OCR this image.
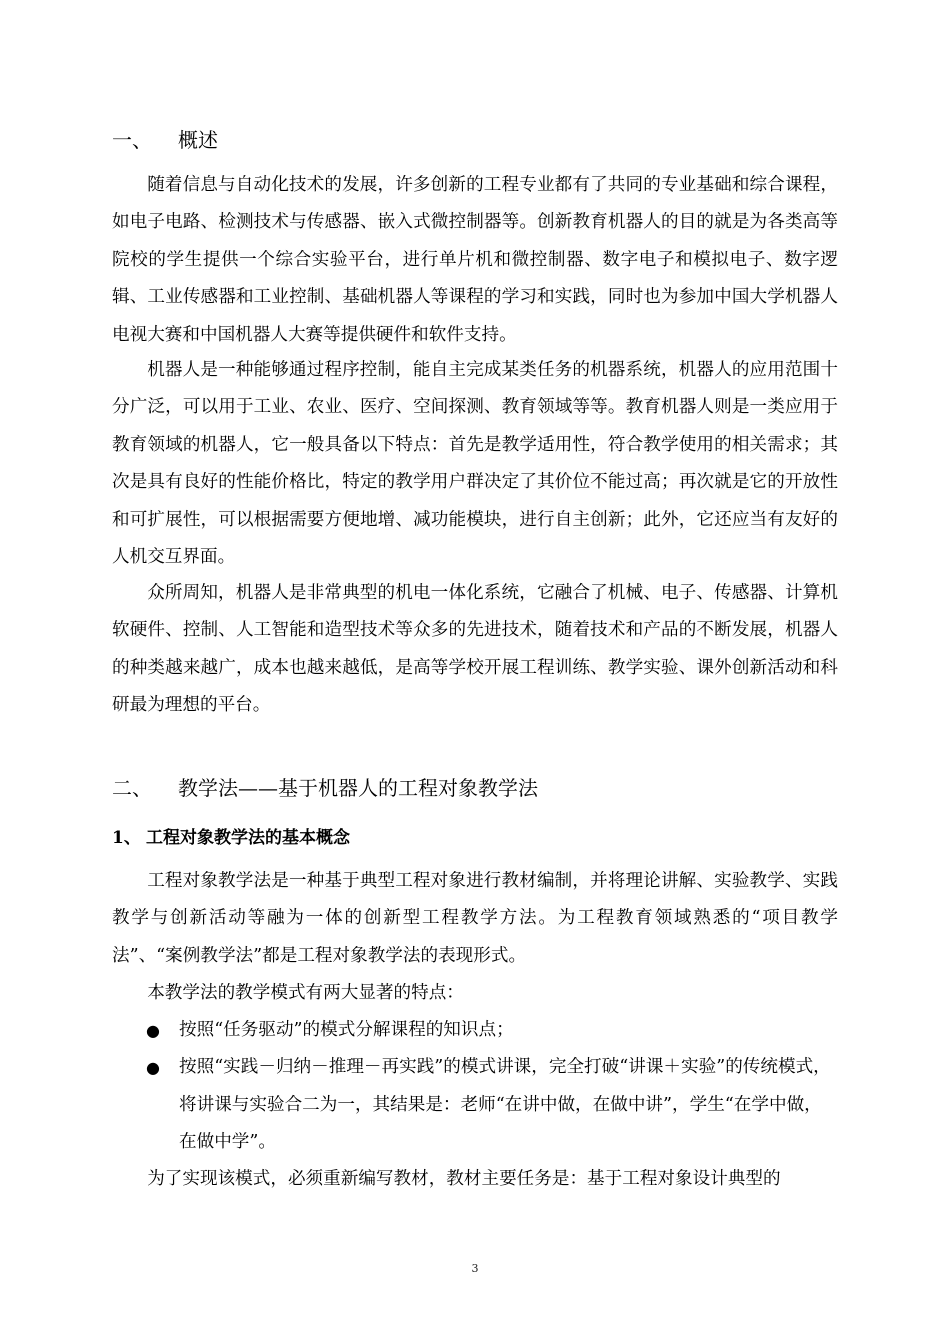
一、 概述

随着信息与自动化技术的发展，许多创新的工程专业都有了共同的专业基础和综合课程，如电子电路、检测技术与传感器、嵌入式微控制器等。创新教育机器人的目的就是为各类高等院校的学生提供一个综合实验平台，进行单片机和微控制器、数字电子和模拟电子、数字逻辑、工业传感器和工业控制、基础机器人等课程的学习和实践，同时也为参加中国大学机器人电视大赛和中国机器人大赛等提供硬件和软件支持。

机器人是一种能够通过程序控制，能自主完成某类任务的机器系统，机器人的应用范围十分广泛，可以用于工业、农业、医疗、空间探测、教育领域等等。教育机器人则是一类应用于教育领域的机器人，它一般具备以下特点：首先是教学适用性，符合教学使用的相关需求；其次是具有良好的性能价格比，特定的教学用户群决定了其价位不能过高；再次就是它的开放性和可扩展性，可以根据需要方便地增、减功能模块，进行自主创新；此外，它还应当有友好的人机交互界面。

众所周知，机器人是非常典型的机电一体化系统，它融合了机械、电子、传感器、计算机软硬件、控制、人工智能和造型技术等众多的先进技术，随着技术和产品的不断发展，机器人的种类越来越广，成本也越来越低，是高等学校开展工程训练、教学实验、课外创新活动和科研最为理想的平台。

二、 教学法——基于机器人的工程对象教学法
1、 工程对象教学法的基本概念

工程对象教学法是一种基于典型工程对象进行教材编制，并将理论讲解、实验教学、实践教学与创新活动等融为一体的创新型工程教学方法。为工程教育领域熟悉的“项目教学法”、“案例教学法”都是工程对象教学法的表现形式。

本教学法的教学模式有两大显著的特点：

● 按照“任务驱动”的模式分解课程的知识点；
● 按照“实践－归纳－推理－再实践”的模式讲课，完全打破“讲课＋实验”的传统模式，将讲课与实验合二为一，其结果是：老师“在讲中做，在做中讲”，学生“在学中做，在做中学”。

为了实现该模式，必须重新编写教材，教材主要任务是：基于工程对象设计典型的

3
